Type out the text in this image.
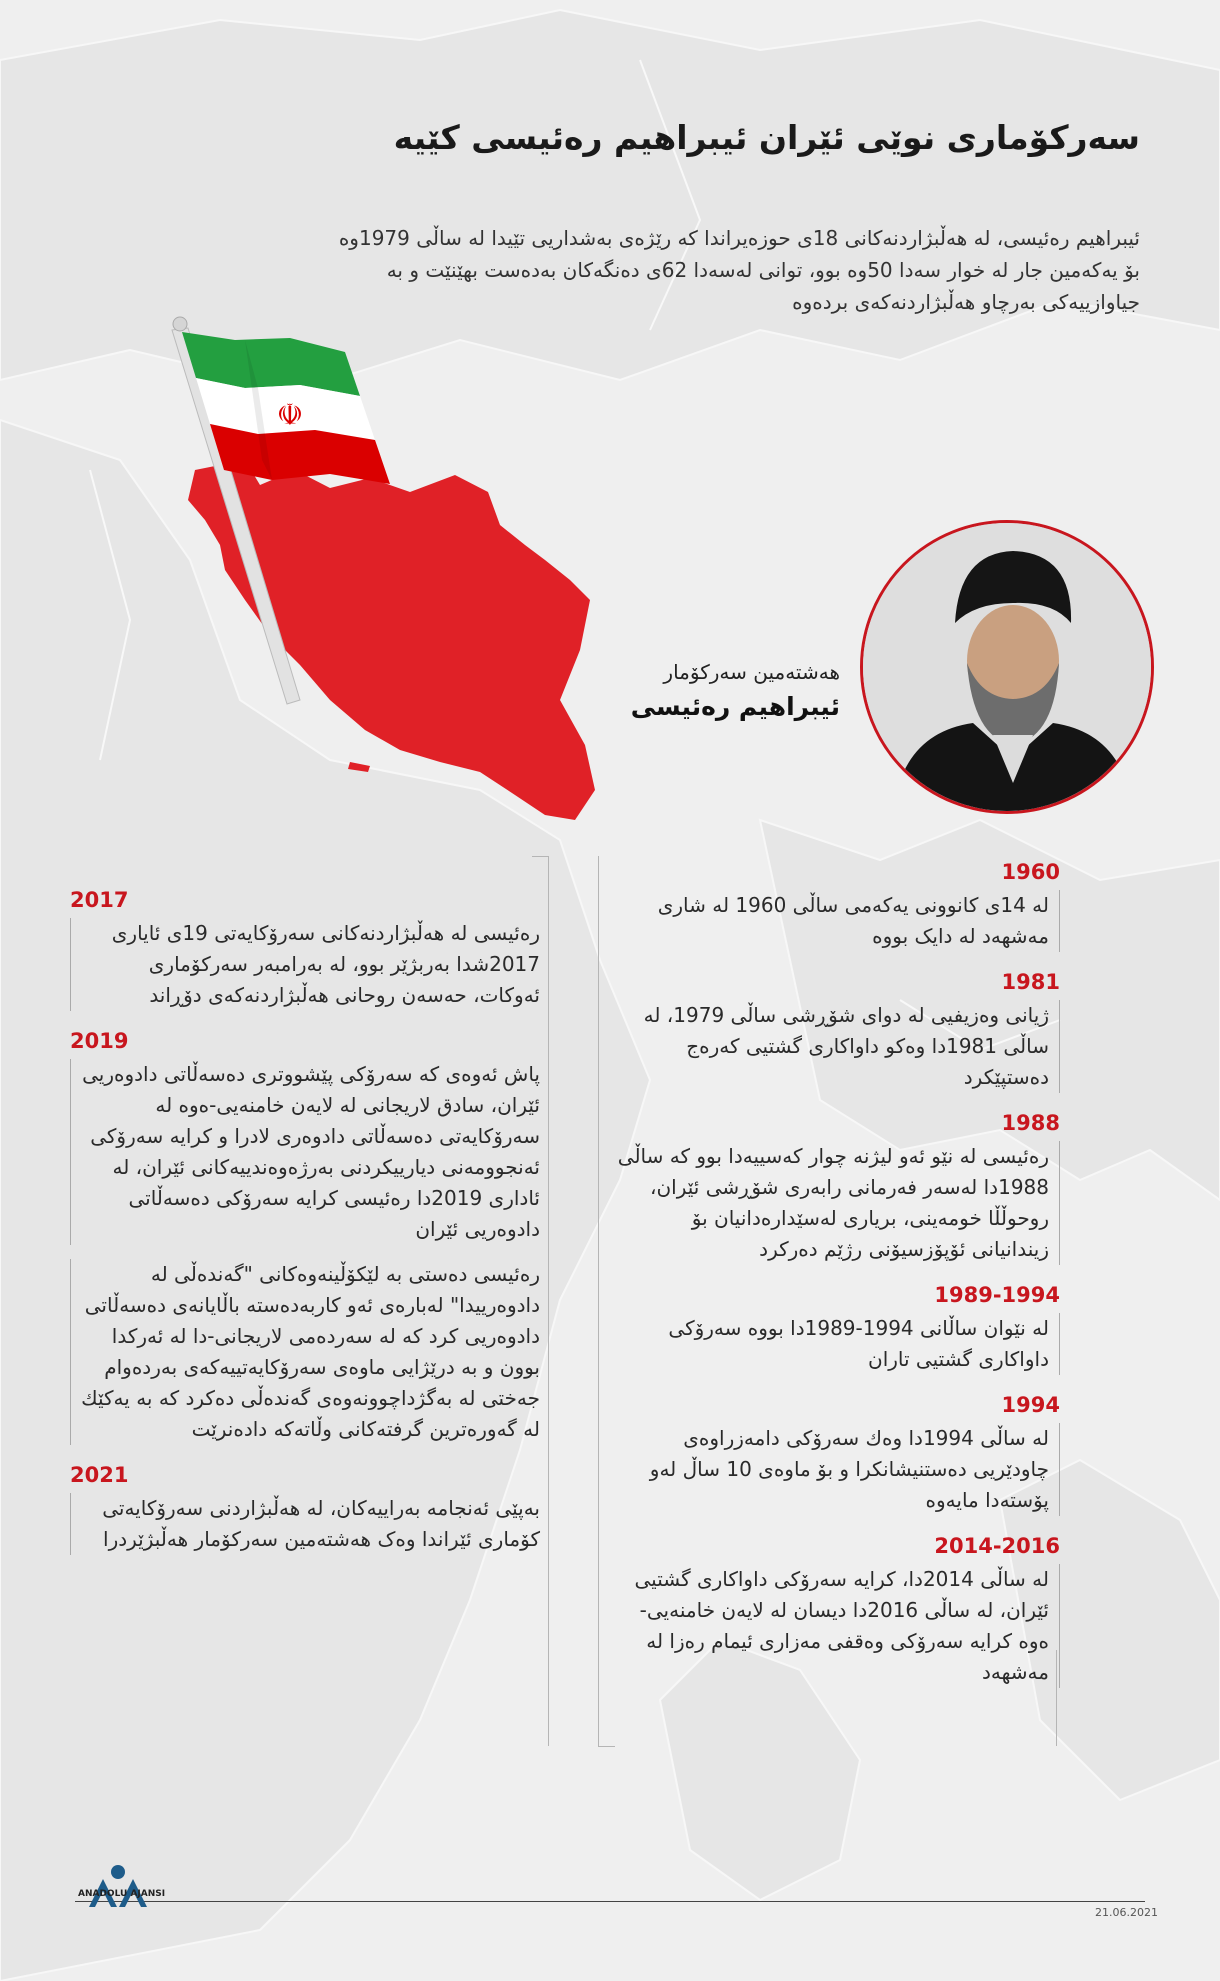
سەرکۆماری نوێی ئێران ئیبراهیم رەئیسی کێیە

ئیبراهیم رەئیسی، لە هەڵبژاردنەکانی 18ی حوزەیراندا کە رێژەی بەشداریی تێیدا لە ساڵی 1979وە بۆ یەکەمین جار لە خوار سەدا 50وە بوو، توانی لەسەدا 62ی دەنگەکان بەدەست بهێنێت و بە جیاوازییەکی بەرچاو هەڵبژاردنەکەی بردەوە

☫
هەشتەمین سەرکۆمار
ئیبراهیم رەئیسی
2017
رەئیسی لە هەڵبژاردنەکانی سەرۆکایەتی 19ی ئایاری 2017شدا بەربژێر بوو، لە بەرامبەر سەرکۆماری ئەوکات، حەسەن روحانی هەڵبژاردنەکەی دۆڕاند
2019
پاش ئەوەی کە سەرۆکی پێشووتری دەسەڵاتی دادوەریی ئێران، سادق لاریجانی لە لایەن خامنەیی-ەوە لە سەرۆکایەتی دەسەڵاتی دادوەری لادرا و کرایە سەرۆکی ئەنجوومەنی دیارییکردنی بەرژەوەندییەکانی ئێران، لە ئاداری 2019دا رەئیسی کرایە سەرۆکی دەسەڵاتی دادوەریی ئێران
رەئیسی دەستی بە لێکۆڵینەوەکانی "گەندەڵی لە دادوەرییدا" لەبارەی ئەو کاربەدەستە باڵایانەی دەسەڵاتی دادوەریی کرد کە لە سەردەمی لاریجانی-دا لە ئەرکدا بوون و بە درێژایی ماوەی سەرۆکایەتییەکەی بەردەوام جەختی لە بەگژداچوونەوەی گەندەڵی دەکرد کە بە یەکێك لە گەورەترین گرفتەکانی وڵاتەکە دادەنرێت
2021
بەپێی ئەنجامە بەراییەکان، لە هەڵبژاردنی سەرۆکایەتی کۆماری ئێراندا وەک هەشتەمین سەرکۆمار هەڵبژێردرا
1960
لە 14ی کانوونی یەکەمی ساڵی 1960 لە شاری مەشهەد لە دایک بووە
1981
ژیانی وەزیفیی لە دوای شۆڕشی ساڵی 1979، لە ساڵی 1981دا وەکو داواکاری گشتیی کەرەج دەستپێکرد
1988
رەئیسی لە نێو ئەو لیژنە چوار کەسییەدا بوو کە ساڵی 1988دا لەسەر فەرمانی رابەری شۆڕشی ئێران، روحوڵڵا خومەینی، بریاری لەسێدارەدانیان بۆ زیندانیانی ئۆپۆزسیۆنی رژێم دەرکرد
1989-1994
لە نێوان ساڵانی 1994-1989دا بووە سەرۆکی داواکاری گشتیی تاران
1994
لە ساڵی 1994دا وەك سەرۆکی دامەزراوەی چاودێریی دەستنیشانکرا و بۆ ماوەی 10 ساڵ لەو پۆستەدا مایەوە
2014-2016
لە ساڵی 2014دا، کرایە سەرۆکی داواکاری گشتیی ئێران، لە ساڵی 2016دا دیسان لە لایەن خامنەیی-ەوە کرایە سەرۆکی وەقفی مەزاری ئیمام رەزا لە مەشهەد
ANADOLU AJANSI
21.06.2021
